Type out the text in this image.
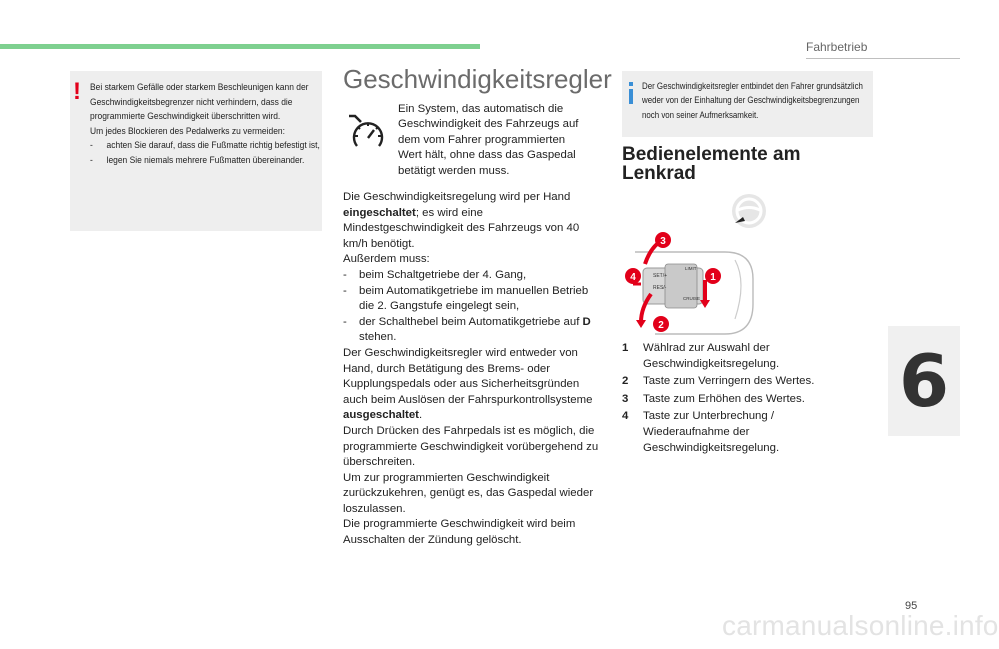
Fahrbetrieb
6
95

Bei starkem Gefälle oder starkem Beschleunigen kann der Geschwindigkeitsbegrenzer nicht verhindern, dass die programmierte Geschwindigkeit überschritten wird.

Um jedes Blockieren des Pedalwerks zu vermeiden:

- achten Sie darauf, dass die Fußmatte richtig befestigt ist,

- legen Sie niemals mehrere Fußmatten übereinander.

!	Geschwindigkeitsregler
Ein System, das automatisch die Geschwindigkeit des Fahrzeugs auf dem vom Fahrer programmierten Wert hält, ohne dass das Gaspedal betätigt werden muss.

Die Geschwindigkeitsregelung wird per Hand eingeschaltet; es wird eine Mindestgeschwindigkeit des Fahrzeugs von 40 km/h benötigt.

Außerdem muss:

- beim Schaltgetriebe der 4. Gang,

- beim Automatikgetriebe im manuellen Betrieb die 2. Gangstufe eingelegt sein,

- der Schalthebel beim Automatikgetriebe auf D stehen.

Der Geschwindigkeitsregler wird entweder von Hand, durch Betätigung des Brems- oder Kupplungspedals oder aus Sicherheitsgründen auch beim Auslösen der Fahrspurkontrollsysteme ausgeschaltet.

Durch Drücken des Fahrpedals ist es möglich, die programmierte Geschwindigkeit vorübergehend zu überschreiten.

Um zur programmierten Geschwindigkeit zurückzukehren, genügt es, das Gaspedal wieder loszulassen.

Die programmierte Geschwindigkeit wird beim Ausschalten der Zündung gelöscht.

Der Geschwindigkeitsregler entbindet den Fahrer grundsätzlich weder von der Einhaltung der Geschwindigkeitsbegrenzungen noch von seiner Aufmerksamkeit.
Bedienelemente am
Lenkrad
SET/+
RES/-
LIMIT
CRUISE
3
1
4
2
1	Wählrad zur Auswahl der Geschwindigkeitsregelung.
2	Taste zum Verringern des Wertes.
3	Taste zum Erhöhen des Wertes.
4	Taste zur Unterbrechung / Wiederaufnahme der Geschwindigkeitsregelung.
carmanualsonline.info
